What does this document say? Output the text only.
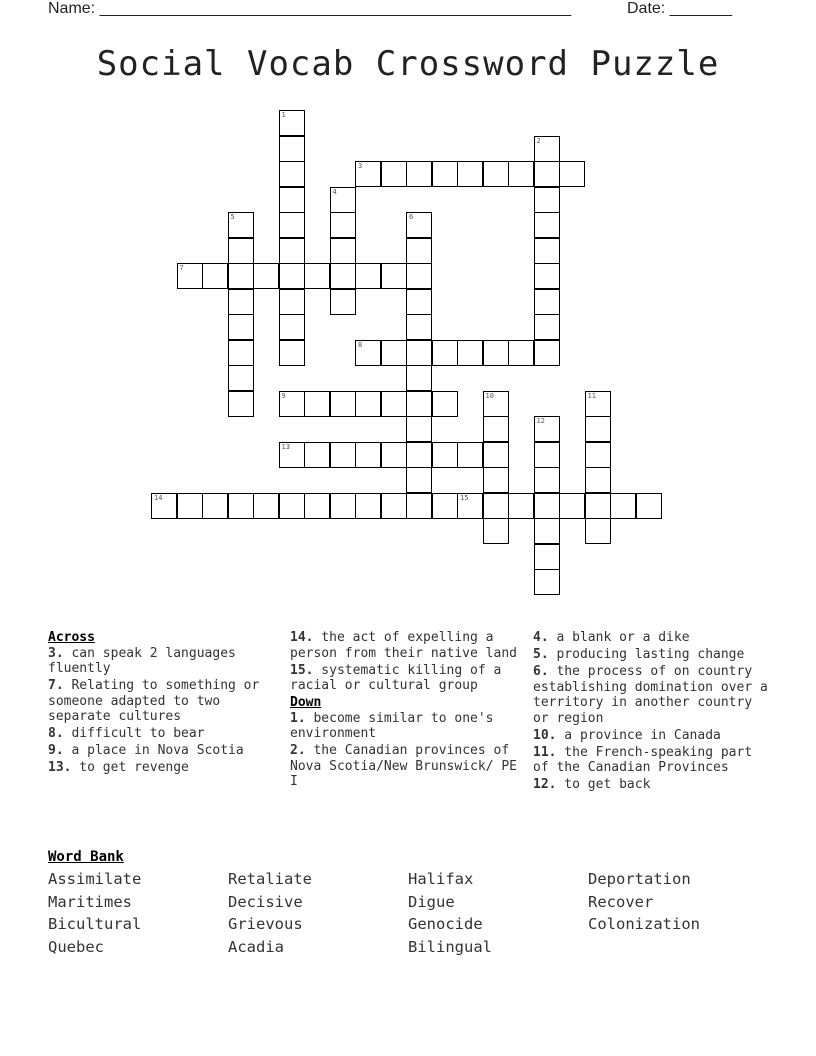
Name: _____________________________________________________	Date: _______
Social Vocab Crossword Puzzle
3
7
8
9
13
14	15
1
2
4
5	6
10	11
12
Across
3. can speak 2 languages fluently
7. Relating to something or someone adapted to two separate cultures
8. difficult to bear
9. a place in Nova Scotia
13. to get revenge
14. the act of expelling a person from their native land
15. systematic killing of a racial or cultural group
Down
1. become similar to one's environment
2. the Canadian provinces of Nova Scotia/New Brunswick/ PE I
4. a blank or a dike
5. producing lasting change
6. the process of on country establishing domination over a territory in another country or region
10. a province in Canada
11. the French-speaking part of the Canadian Provinces
12. to get back
Word Bank
Assimilate	Retaliate	Halifax	Deportation
Maritimes	Decisive	Digue	Recover
Bicultural	Grievous	Genocide	Colonization
Quebec	Acadia	Bilingual
